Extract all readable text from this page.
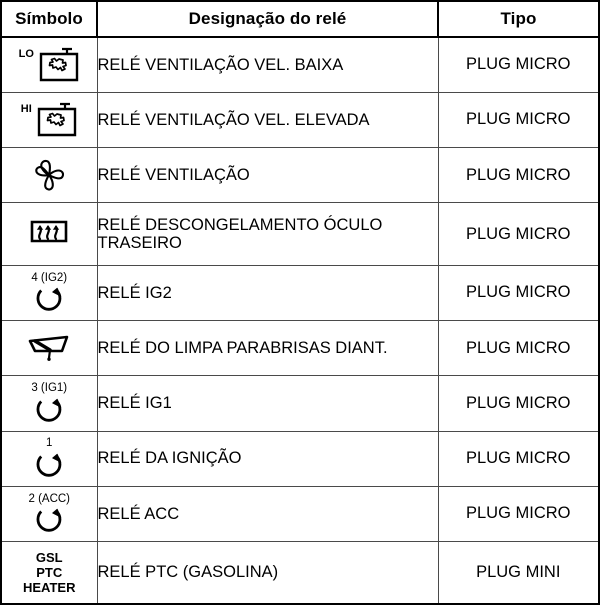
Símbolo	Designação do relé	Tipo

LO	RELÉ VENTILAÇÃO VEL. BAIXA	PLUG MICRO

HI	RELÉ VENTILAÇÃO VEL. ELEVADA	PLUG MICRO

	RELÉ VENTILAÇÃO	PLUG MICRO

	RELÉ DESCONGELAMENTO ÓCULO TRASEIRO	PLUG MICRO

4 (IG2)	RELÉ IG2	PLUG MICRO

	RELÉ DO LIMPA PARABRISAS DIANT.	PLUG MICRO

3 (IG1)	RELÉ IG1	PLUG MICRO

1	RELÉ DA IGNIÇÃO	PLUG MICRO

2 (ACC)	RELÉ ACC	PLUG MICRO

GSL
PTC
HEATER	RELÉ PTC (GASOLINA)	PLUG MINI
